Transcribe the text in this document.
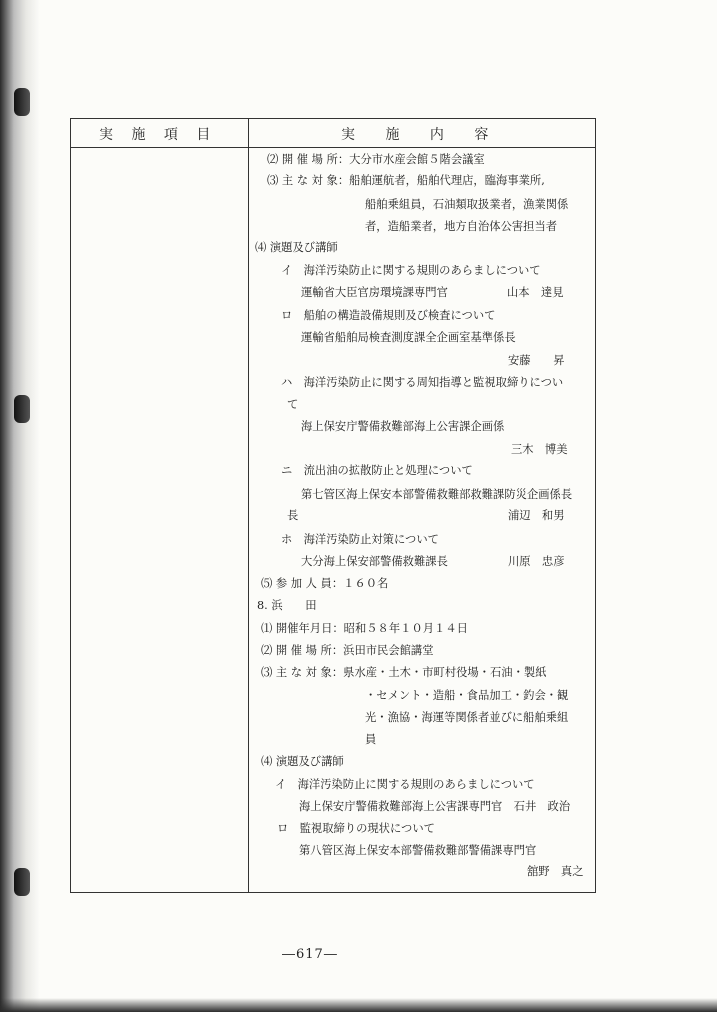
実 施 項 目	実 施 内 容
⑵ 開 催 場 所：大分市水産会館５階会議室
⑶ 主 な 対 象：船舶運航者，船舶代理店，臨海事業所,
船舶乗組員，石油類取扱業者，漁業関係
者，造船業者，地方自治体公害担当者
⑷ 演題及び講師
イ　海洋汚染防止に関する規則のあらましについて
運輸省大臣官房環境課専門官	山本　達見
ロ　船舶の構造設備規則及び検査について
運輸省船舶局検査測度課全企画室基準係長
安藤　　昇
ハ　海洋汚染防止に関する周知指導と監視取締りについ
て
海上保安庁警備救難部海上公害課企画係
三木　博美
ニ　流出油の拡散防止と処理について
第七管区海上保安本部警備救難部救難課防災企画係長
長	浦辺　和男
ホ　海洋汚染防止対策について
大分海上保安部警備救難課長	川原　忠彦
⑸ 参 加 人 員：１６０名
8. 浜　　田
⑴ 開催年月日：昭和５８年１０月１４日
⑵ 開 催 場 所：浜田市民会館講堂
⑶ 主 な 対 象：県水産・土木・市町村役場・石油・製紙
・セメント・造船・食品加工・釣会・観
光・漁協・海運等関係者並びに船舶乗組
員
⑷ 演題及び講師
イ　海洋汚染防止に関する規則のあらましについて
海上保安庁警備救難部海上公害課専門官　石井　政治
ロ　監視取締りの現状について
第八管区海上保安本部警備救難部警備課専門官
舘野　真之
―617―
